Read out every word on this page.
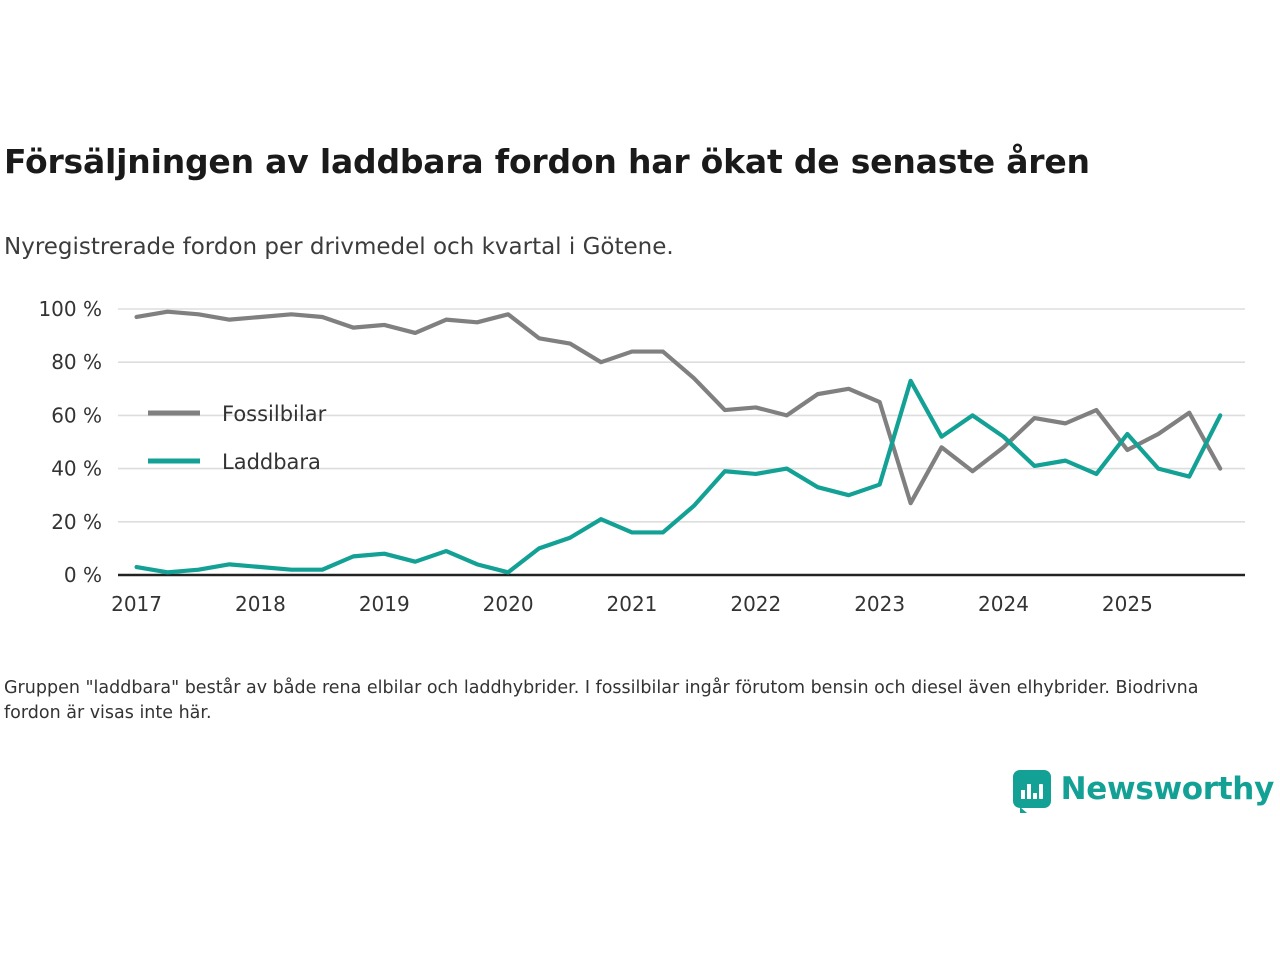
Försäljningen av laddbara fordon har ökat de senaste åren
Nyregistrerade fordon per drivmedel och kvartal i Götene.
0 %
20 %
40 %
60 %
80 %
100 %
2017	2018	2019	2020	2021	2022	2023	2024	2025
Fossilbilar
Laddbara
Gruppen "laddbara" består av både rena elbilar och laddhybrider. I fossilbilar ingår förutom bensin och diesel även elhybrider. Biodrivna fordon är visas inte här.
Newsworthy
